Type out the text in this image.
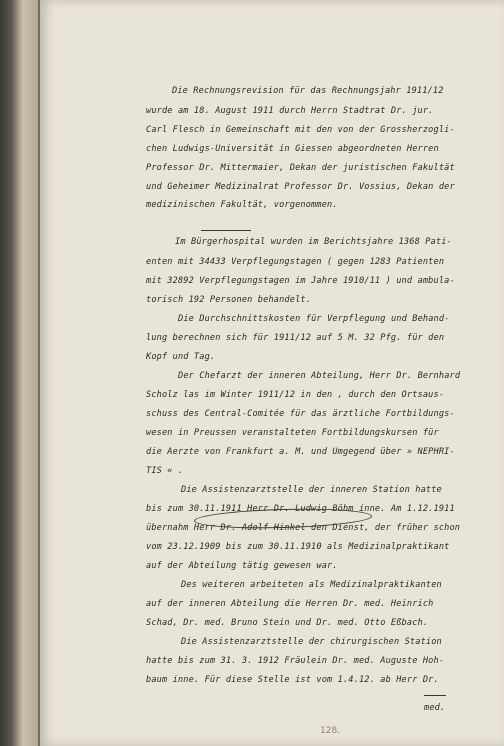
Die Rechnungsrevision für das Rechnungsjahr 1911/12
wurde am 18. August 1911 durch Herrn Stadtrat Dr. jur.
Carl Flesch in Gemeinschaft mit den von der Grossherzogli-
chen Ludwigs-Universität in Giessen abgeordneten Herren
Professor Dr. Mittermaier, Dekan der juristischen Fakultät
und Geheimer Medizinalrat Professor Dr. Vossius, Dekan der
medizinischen Fakultät, vorgenommen.
Im Bürgerhospital wurden im Berichtsjahre 1368 Pati-
enten mit 34433 Verpflegungstagen ( gegen 1283 Patienten
mit 32892 Verpflegungstagen im Jahre 1910/11 ) und ambula-
torisch 192 Personen behandelt.
Die Durchschnittskosten für Verpflegung und Behand-
lung berechnen sich für 1911/12 auf 5 M. 32 Pfg. für den
Kopf und Tag.
Der Chefarzt der inneren Abteilung, Herr Dr. Bernhard
Scholz las im Winter 1911/12 in den , durch den Ortsaus-
schuss des Central-Comitée für das ärztliche Fortbildungs-
wesen in Preussen veranstalteten Fortbildungskursen für
die Aerzte von Frankfurt a. M. und Umgegend über » NEPHRI-
TIS « .
Die Assistenzarztstelle der inneren Station hatte
bis zum 30.11.1911 Herr Dr. Ludwig Böhm inne. Am 1.12.1911
übernahm Herr Dr. Adolf Hinkel den Dienst, der früher schon
vom 23.12.1909 bis zum 30.11.1910 als Medizinalpraktikant
auf der Abteilung tätig gewesen war.
Des weiteren arbeiteten als Medizinalpraktikanten
auf der inneren Abteilung die Herren Dr. med. Heinrich
Schad, Dr. med. Bruno Stein und Dr. med. Otto Eßbach.
Die Assistenzarztstelle der chirurgischen Station
hatte bis zum 31. 3. 1912 Fräulein Dr. med. Auguste Hoh-
baum inne. Für diese Stelle ist vom 1.4.12. ab Herr Dr.
med.
128.
